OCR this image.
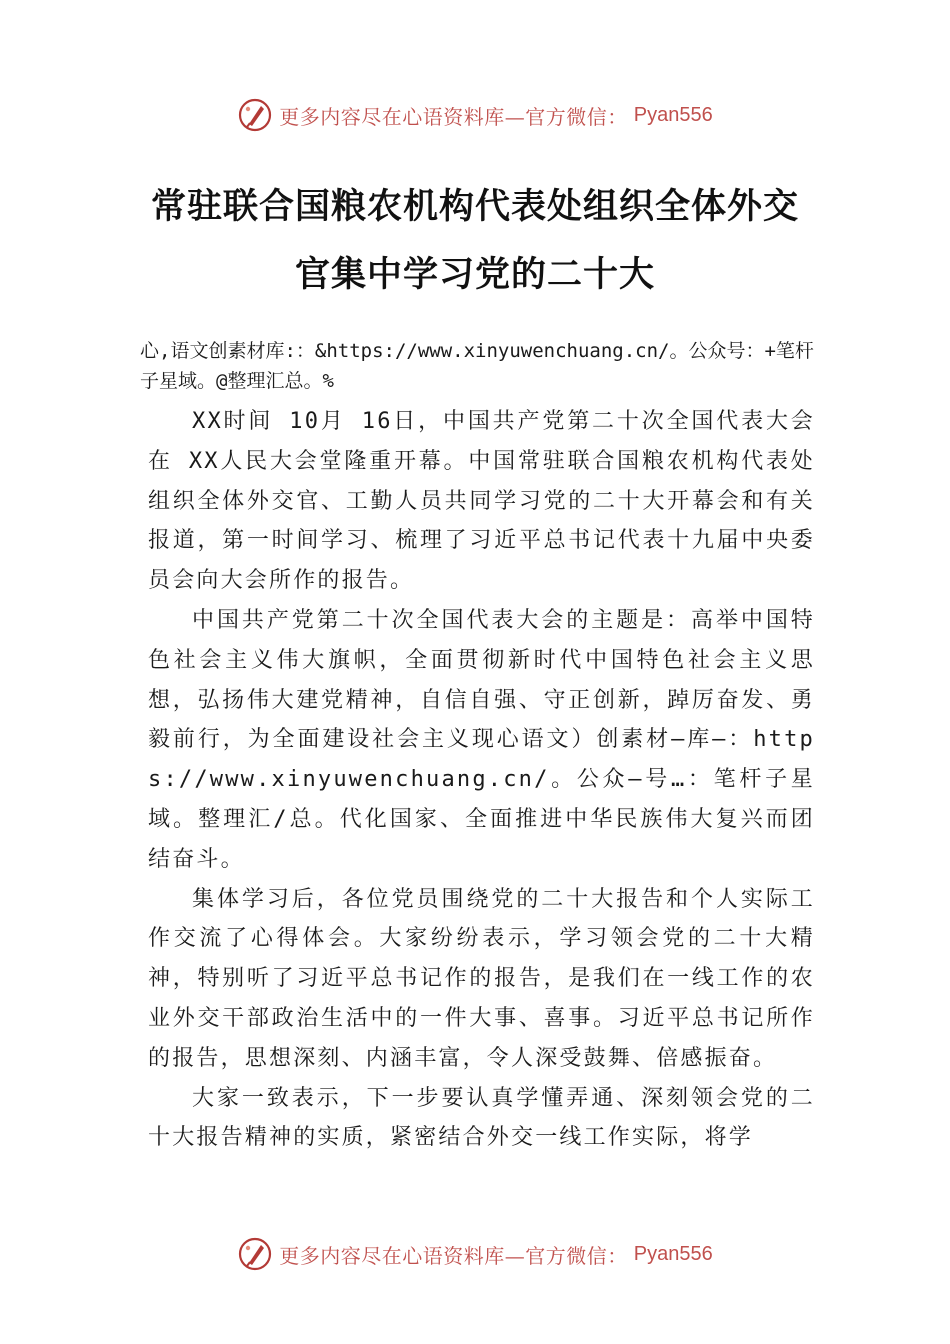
更多内容尽在心语资料库—官方微信： Pyan556
常驻联合国粮农机构代表处组织全体外交
官集中学习党的二十大

心,语文创素材库:：&https://www.xinyuwenchuang.cn/。公众号：+笔杆子星域。@整理汇总。%

XX时间 10月 16日，中国共产党第二十次全国代表大会在 XX人民大会堂隆重开幕。中国常驻联合国粮农机构代表处组织全体外交官、工勤人员共同学习党的二十大开幕会和有关报道，第一时间学习、梳理了习近平总书记代表十九届中央委员会向大会所作的报告。

中国共产党第二十次全国代表大会的主题是：高举中国特色社会主义伟大旗帜，全面贯彻新时代中国特色社会主义思想，弘扬伟大建党精神，自信自强、守正创新，踔厉奋发、勇毅前行，为全面建设社会主义现心语文）创素材—库—：https://www.xinyuwenchuang.cn/。公众—号…：笔杆子星域。整理汇/总。代化国家、全面推进中华民族伟大复兴而团结奋斗。

集体学习后，各位党员围绕党的二十大报告和个人实际工作交流了心得体会。大家纷纷表示，学习领会党的二十大精神，特别听了习近平总书记作的报告，是我们在一线工作的农业外交干部政治生活中的一件大事、喜事。习近平总书记所作的报告，思想深刻、内涵丰富，令人深受鼓舞、倍感振奋。

大家一致表示，下一步要认真学懂弄通、深刻领会党的二十大报告精神的实质，紧密结合外交一线工作实际，将学

更多内容尽在心语资料库—官方微信： Pyan556
